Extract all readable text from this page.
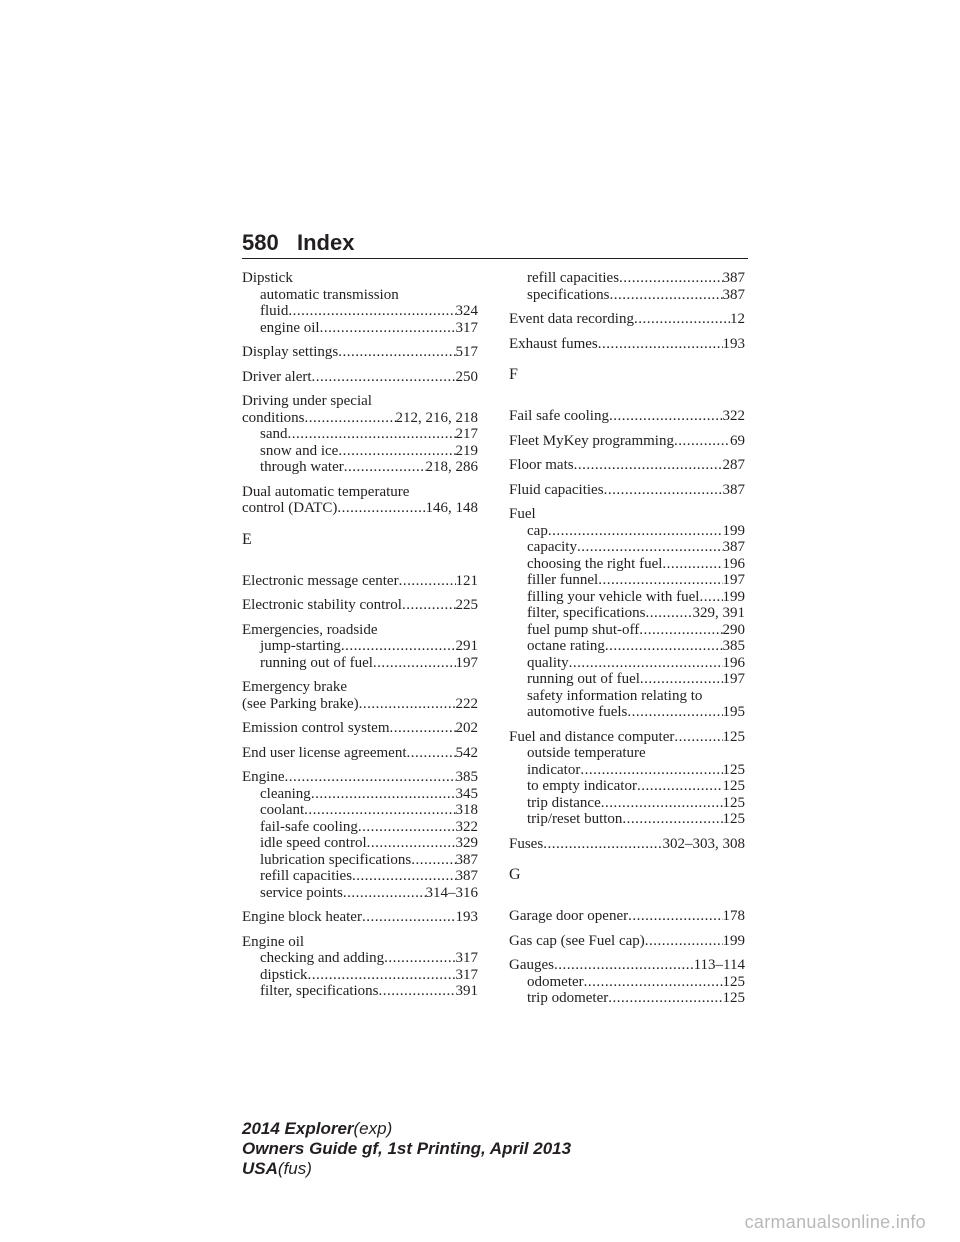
580 Index
Dipstick
automatic transmission
fluid .....	324
engine oil .....	317
Display settings .....	517
Driver alert .....	250
Driving under special
conditions .....	212, 216, 218
sand .....	217
snow and ice .....	219
through water .....	218, 286
Dual automatic temperature
control (DATC) .....	146, 148
E
Electronic message center .....	121
Electronic stability control .....	225
Emergencies, roadside
jump-starting .....	291
running out of fuel .....	197
Emergency brake
(see Parking brake) .....	222
Emission control system .....	202
End user license agreement .....	542
Engine .....	385
cleaning .....	345
coolant .....	318
fail-safe cooling .....	322
idle speed control .....	329
lubrication specifications .....	387
refill capacities .....	387
service points .....	314–316
Engine block heater .....	193
Engine oil
checking and adding .....	317
dipstick .....	317
filter, specifications .....	391
refill capacities .....	387
specifications .....	387
Event data recording .....	12
Exhaust fumes .....	193
F
Fail safe cooling .....	322
Fleet MyKey programming .....	69
Floor mats .....	287
Fluid capacities .....	387
Fuel
cap .....	199
capacity .....	387
choosing the right fuel .....	196
filler funnel .....	197
filling your vehicle with fuel ..... 199
filter, specifications .....	329, 391
fuel pump shut-off .....	290
octane rating .....	385
quality .....	196
running out of fuel .....	197
safety information relating to
automotive fuels .....	195
Fuel and distance computer .....	125
outside temperature
indicator .....	125
to empty indicator .....	125
trip distance .....	125
trip/reset button .....	125
Fuses .....	302–303, 308
G
Garage door opener .....	178
Gas cap (see Fuel cap) .....	199
Gauges .....	113–114
odometer .....	125
trip odometer .....	125
2014 Explorer(exp)
Owners Guide gf, 1st Printing, April 2013
USA(fus)
carmanualsonline.info
